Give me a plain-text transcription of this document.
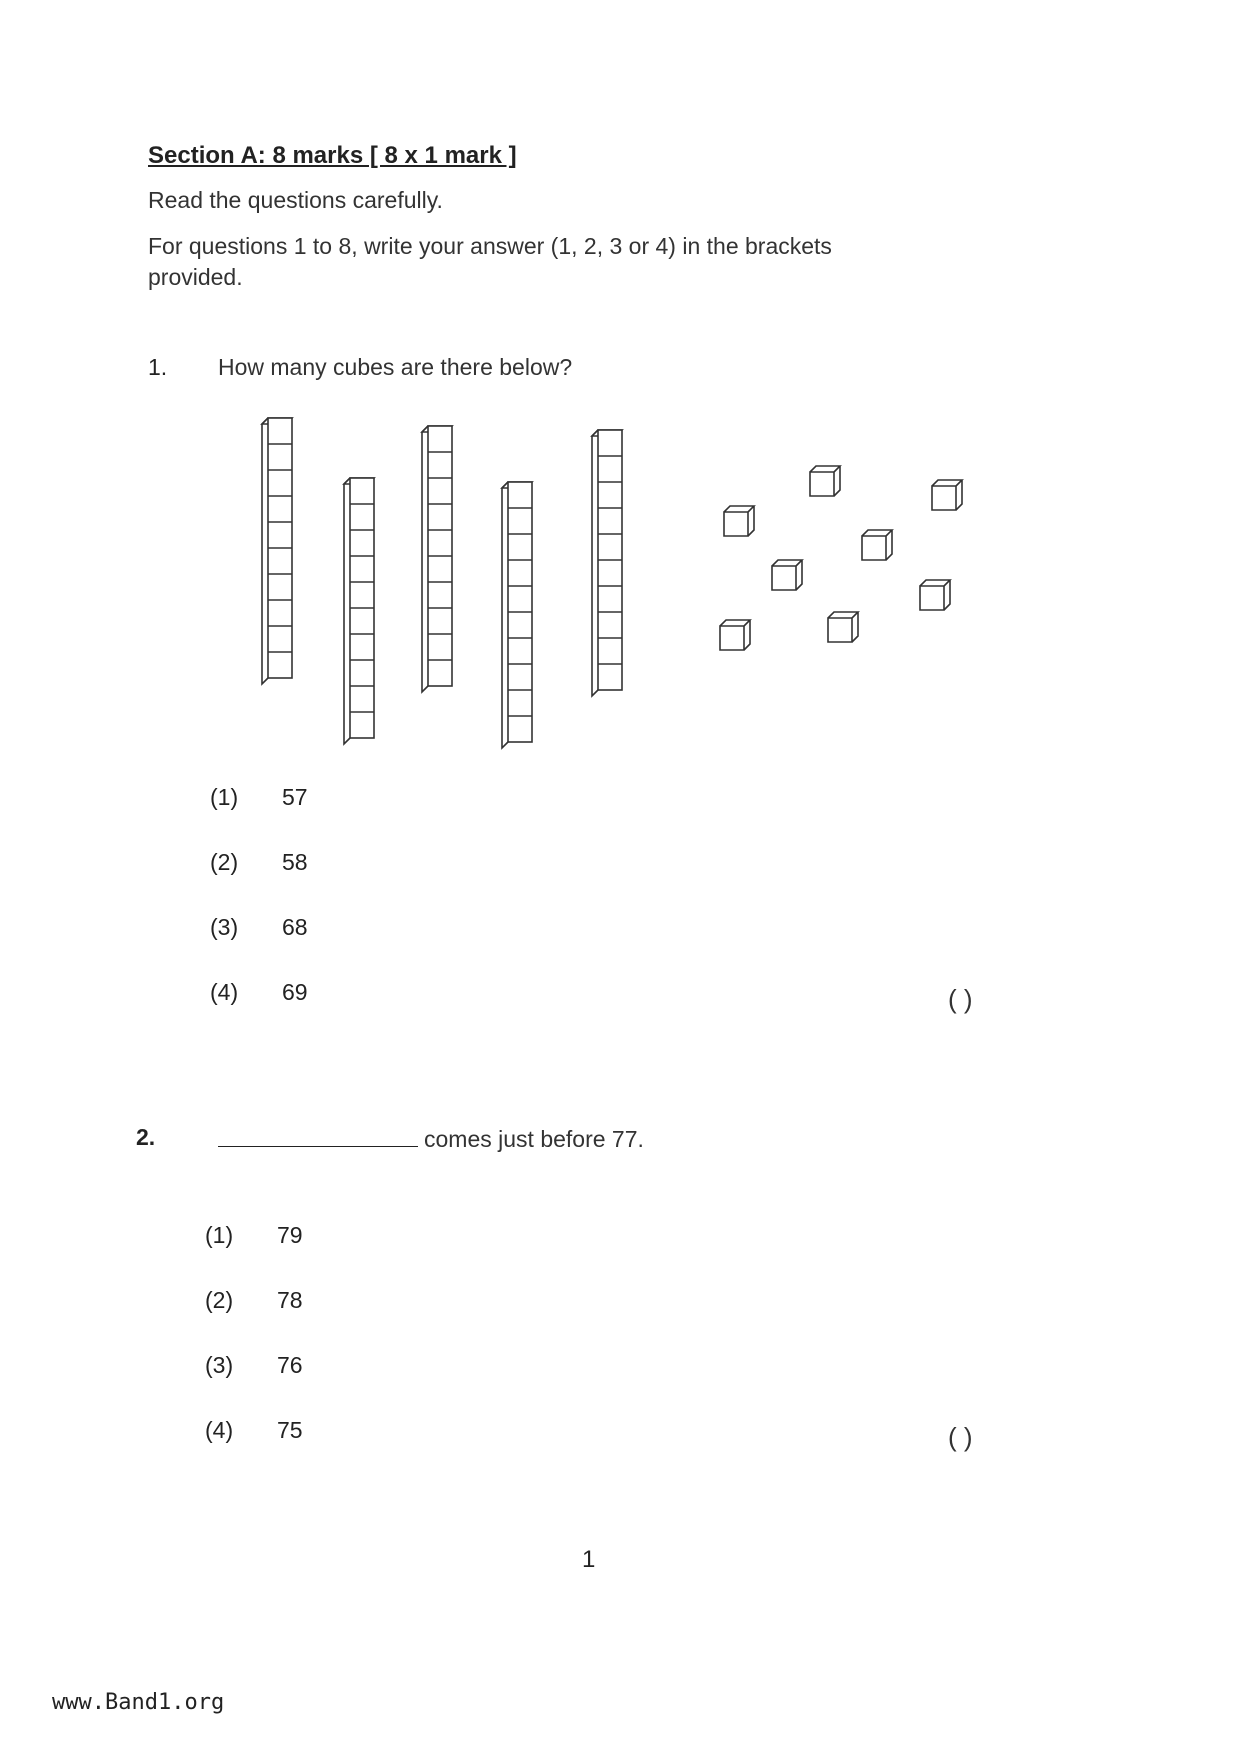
Section A: 8 marks [ 8 x 1 mark ]
Read the questions carefully.
For questions 1 to 8, write your answer (1, 2, 3 or 4) in the brackets
provided.
1. How many cubes are there below?
(1) 57
(2) 58
(3) 68
(4) 69	( )
2.	comes just before 77.
(1) 79
(2) 78
(3) 76
(4) 75	( )
1
www.Band1.org
